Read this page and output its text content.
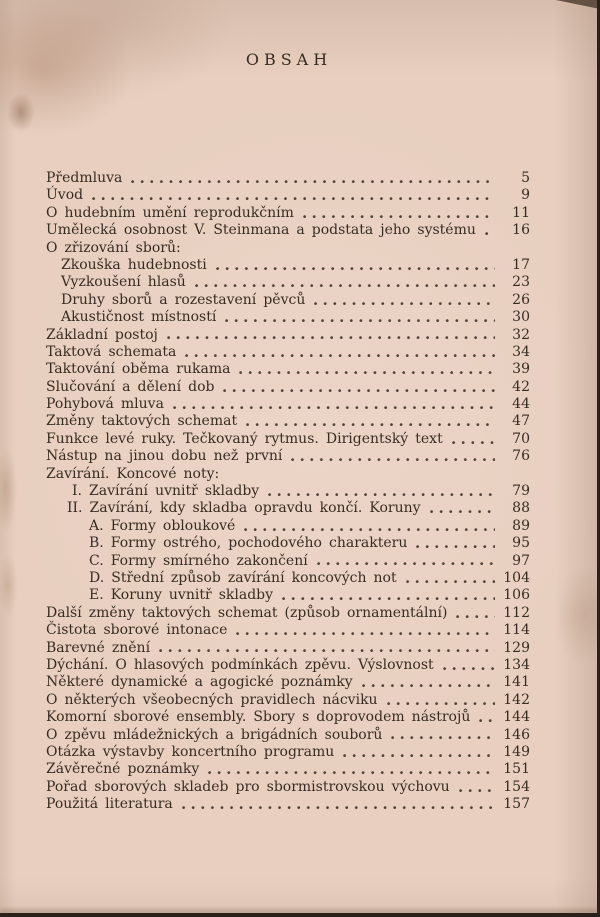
OBSAH
Předmluva	5
Úvod	9
O hudebním umění reprodukčním	11
Umělecká osobnost V. Steinmana a podstata jeho systému	16
O zřizování sborů:
Zkouška hudebnosti	17
Vyzkoušení hlasů	23
Druhy sborů a rozestavení pěvců	26
Akustičnost místností	30
Základní postoj	32
Taktová schemata	34
Taktování oběma rukama	39
Slučování a dělení dob	42
Pohybová mluva	44
Změny taktových schemat	47
Funkce levé ruky. Tečkovaný rytmus. Dirigentský text	70
Nástup na jinou dobu než první	76
Zavírání. Koncové noty:
I. Zavírání uvnitř skladby	79
II. Zavírání, kdy skladba opravdu končí. Koruny	88
A. Formy obloukové	89
B. Formy ostrého, pochodového charakteru	95
C. Formy smírného zakončení	97
D. Střední způsob zavírání koncových not	104
E. Koruny uvnitř skladby	106
Další změny taktových schemat (způsob ornamentální)	112
Čistota sborové intonace	114
Barevné znění	129
Dýchání. O hlasových podmínkách zpěvu. Výslovnost	134
Některé dynamické a agogické poznámky	141
O některých všeobecných pravidlech nácviku	142
Komorní sborové ensembly. Sbory s doprovodem nástrojů 144
O zpěvu mládežnických a brigádních souborů	146
Otázka výstavby koncertního programu	149
Závěrečné poznámky	151
Pořad sborových skladeb pro sbormistrovskou výchovu	154
Použitá literatura	157
